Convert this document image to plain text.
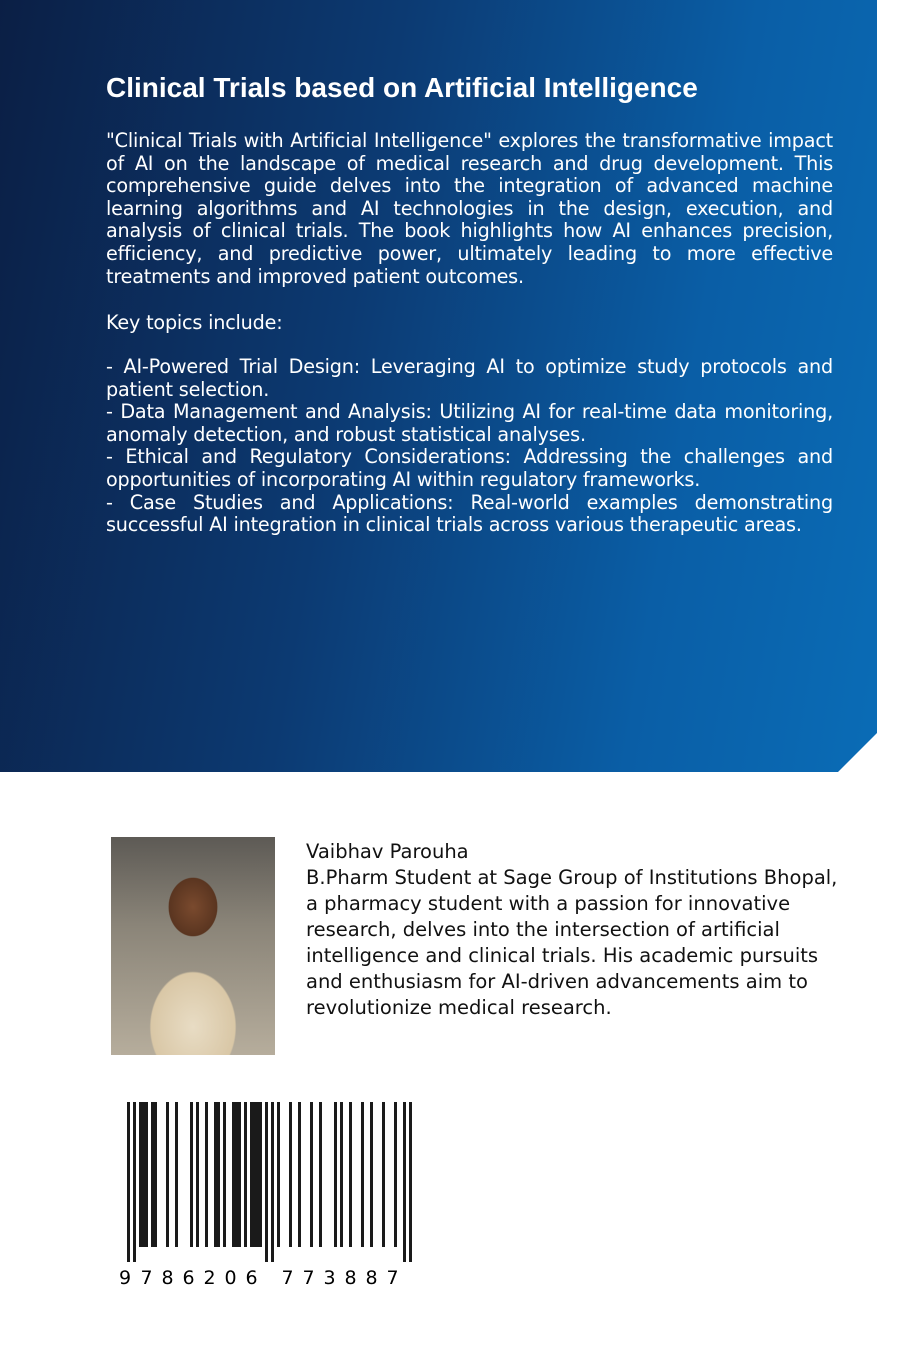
Clinical Trials based on Artificial Intelligence

"Clinical Trials with Artificial Intelligence" explores the transformative impact of AI on the landscape of medical research and drug development. This comprehensive guide delves into the integration of advanced machine learning algorithms and AI technologies in the design, execution, and analysis of clinical trials. The book highlights how AI enhances precision, efficiency, and predictive power, ultimately leading to more effective treatments and improved patient outcomes.

Key topics include:

- AI-Powered Trial Design: Leveraging AI to optimize study protocols and patient selection.

- Data Management and Analysis: Utilizing AI for real-time data monitoring, anomaly detection, and robust statistical analyses.

- Ethical and Regulatory Considerations: Addressing the challenges and opportunities of incorporating AI within regulatory frameworks.

- Case Studies and Applications: Real-world examples demonstrating successful AI integration in clinical trials across various therapeutic areas.

Vaibhav Parouha
B.Pharm Student at Sage Group of Institutions Bhopal, a pharmacy student with a passion for innovative research, delves into the intersection of artificial intelligence and clinical trials. His academic pursuits and enthusiasm for AI-driven advancements aim to revolutionize medical research.
9 7 8 6 2 0 6 7 7 3 8 8 7
